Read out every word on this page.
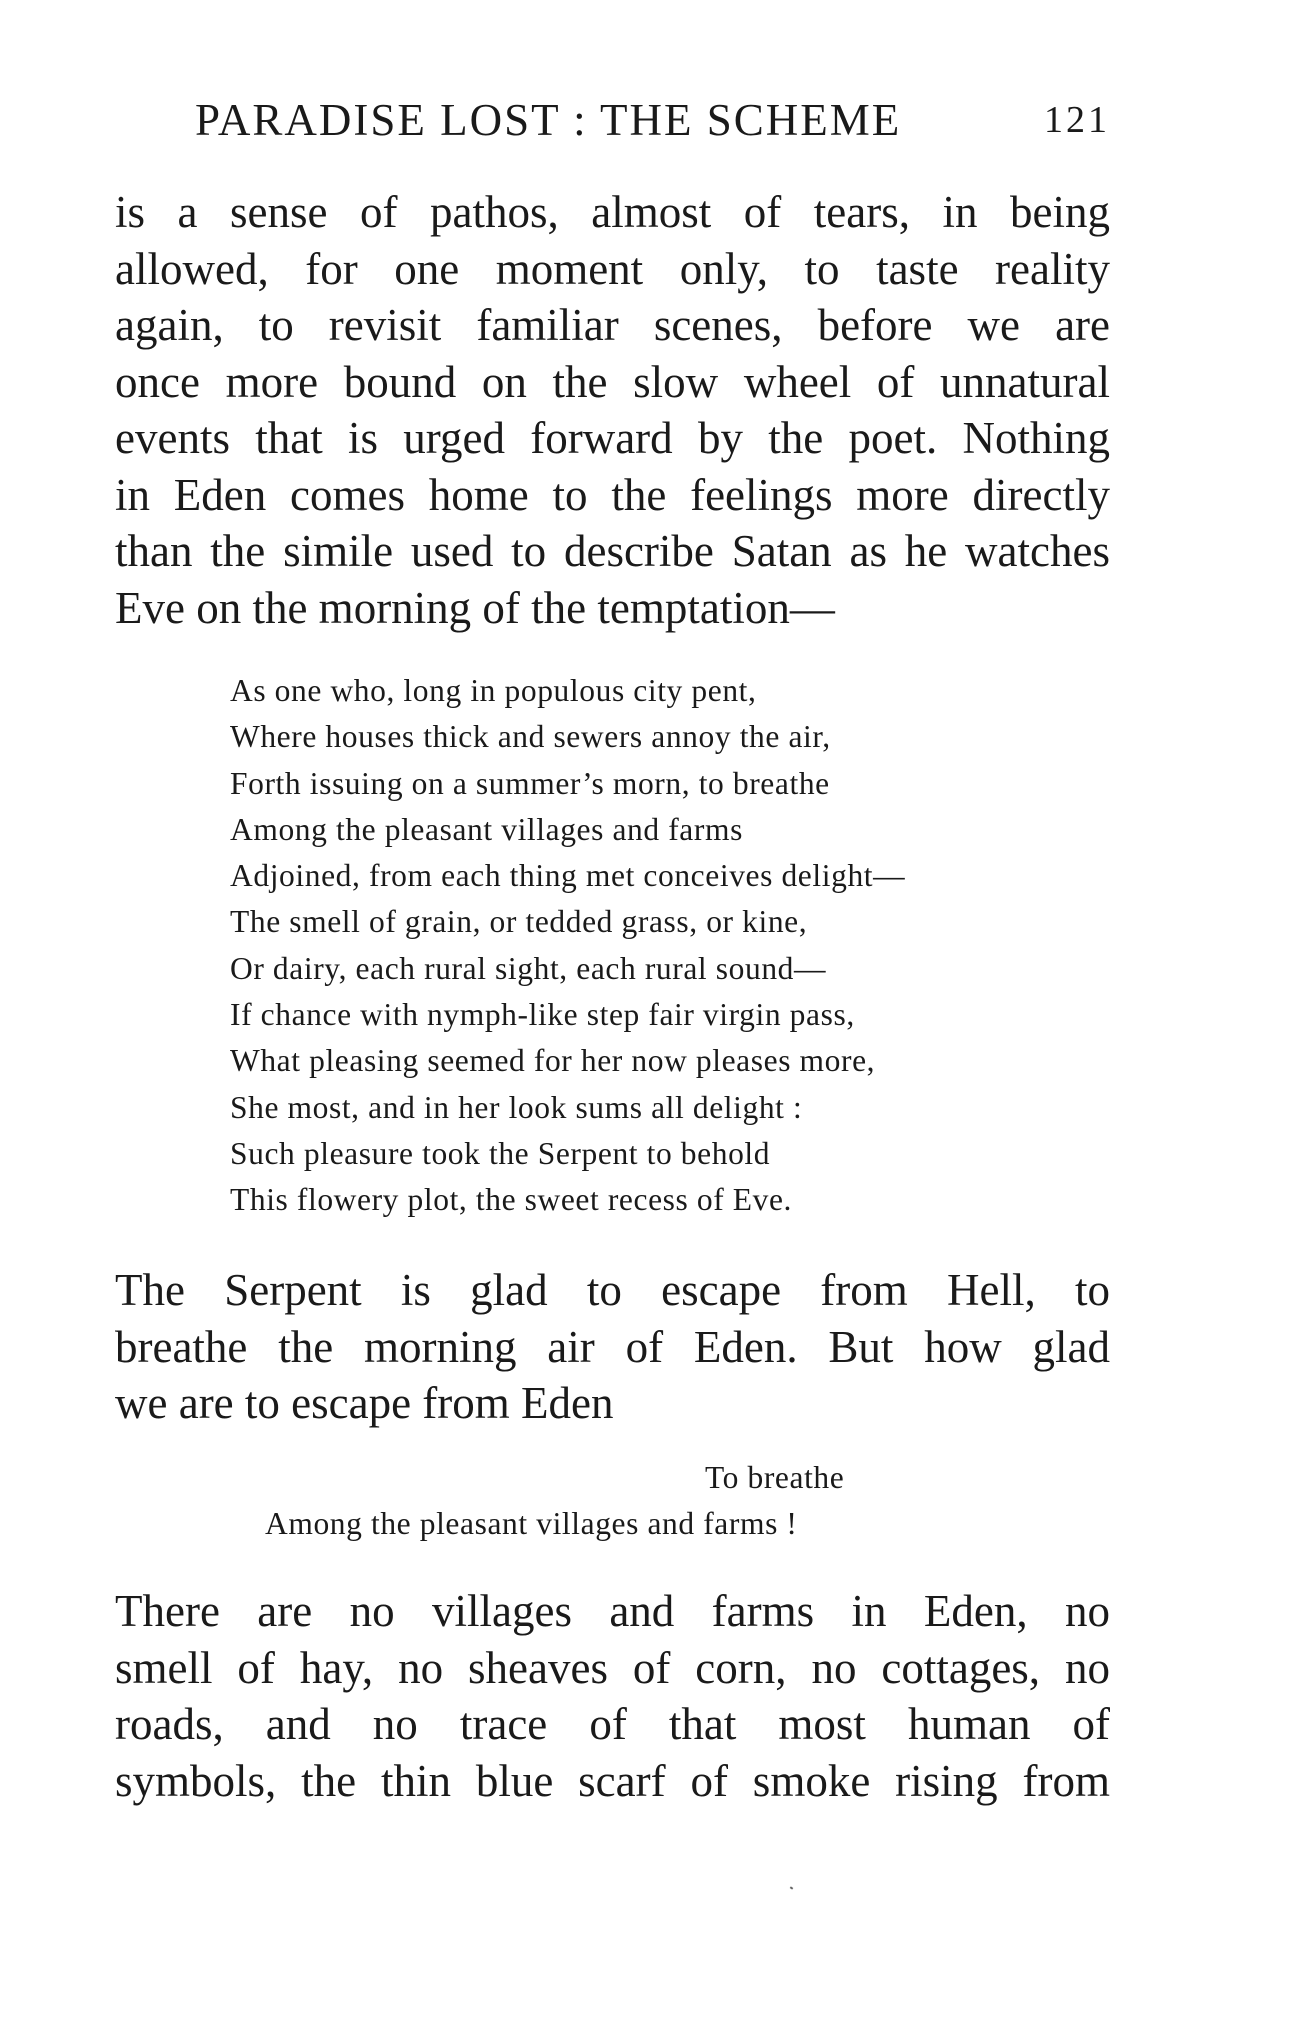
PARADISE LOST : THE SCHEME	121
is a sense of pathos, almost of tears, in being
allowed, for one moment only, to taste reality
again, to revisit familiar scenes, before we are
once more bound on the slow wheel of unnatural
events that is urged forward by the poet. Nothing
in Eden comes home to the feelings more directly
than the simile used to describe Satan as he watches
Eve on the morning of the temptation—
As one who, long in populous city pent,
Where houses thick and sewers annoy the air,
Forth issuing on a summer’s morn, to breathe
Among the pleasant villages and farms
Adjoined, from each thing met conceives delight—
The smell of grain, or tedded grass, or kine,
Or dairy, each rural sight, each rural sound—
If chance with nymph-like step fair virgin pass,
What pleasing seemed for her now pleases more,
She most, and in her look sums all delight :
Such pleasure took the Serpent to behold
This flowery plot, the sweet recess of Eve.
The Serpent is glad to escape from Hell, to
breathe the morning air of Eden. But how glad
we are to escape from Eden
To breathe
Among the pleasant villages and farms !
There are no villages and farms in Eden, no
smell of hay, no sheaves of corn, no cottages, no
roads, and no trace of that most human of
symbols, the thin blue scarf of smoke rising from
